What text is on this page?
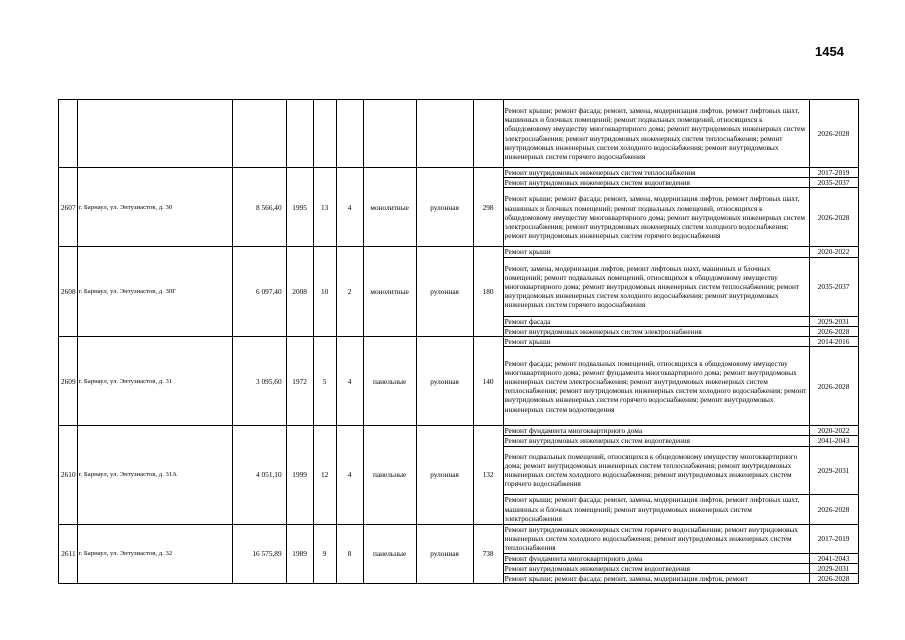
1454
									Ремонт крыши; ремонт фасада; ремонт, замена, модернизация лифтов, ремонт лифтовых шахт, машинных и блочных помещений; ремонт подвальных помещений, относящихся к общедомовому имуществу многоквартирного дома; ремонт внутридомовых инженерных систем электроснабжения; ремонт внутридомовых инженерных систем теплоснабжения; ремонт внутридомовых инженерных систем холодного водоснабжения; ремонт внутридомовых инженерных систем горячего водоснабжения	2026-2028
2607	г. Барнаул, ул. Энтузиастов, д. 30	8 566,40	1995	13	4	монолитные	рулонная	298	Ремонт внутридомовых инженерных систем теплоснабжения	2017-2019
									Ремонт внутридомовых инженерных систем водоотведения	2035-2037
									Ремонт крыши; ремонт фасада; ремонт, замена, модернизация лифтов, ремонт лифтовых шахт, машинных и блочных помещений; ремонт подвальных помещений, относящихся к общедомовому имуществу многоквартирного дома; ремонт внутридомовых инженерных систем электроснабжения; ремонт внутридомовых инженерных систем холодного водоснабжения; ремонт внутридомовых инженерных систем горячего водоснабжения	2026-2028
2608	г. Барнаул, ул. Энтузиастов, д. 30Г	6 097,40	2008	10	2	монолитные	рулонная	180	Ремонт крыши	2020-2022
									Ремонт, замена, модернизация лифтов, ремонт лифтовых шахт, машинных и блочных помещений; ремонт подвальных помещений, относящихся к общедомовому имуществу многоквартирного дома; ремонт внутридомовых инженерных систем теплоснабжения; ремонт внутридомовых инженерных систем холодного водоснабжения; ремонт внутридомовых инженерных систем горячего водоснабжения	2035-2037
									Ремонт фасада	2029-2031
									Ремонт внутридомовых инженерных систем электроснабжения	2026-2028
2609	г. Барнаул, ул. Энтузиастов, д. 31	3 095,60	1972	5	4	панельные	рулонная	140	Ремонт крыши	2014-2016
									Ремонт фасада; ремонт подвальных помещений, относящихся к общедомовому имуществу многоквартирного дома; ремонт фундамента многоквартирного дома; ремонт внутридомовых инженерных систем электроснабжения; ремонт внутридомовых инженерных систем теплоснабжения; ремонт внутридомовых инженерных систем холодного водоснабжения; ремонт внутридомовых инженерных систем горячего водоснабжения; ремонт внутридомовых инженерных систем водоотведения	2026-2028
2610	г. Барнаул, ул. Энтузиастов, д. 31А	4 051,10	1999	12	4	панельные	рулонная	132	Ремонт фундамента многоквартирного дома	2020-2022
									Ремонт внутридомовых инженерных систем водоотведения	2041-2043
									Ремонт подвальных помещений, относящихся к общедомовому имуществу многоквартирного дома; ремонт внутридомовых инженерных систем теплоснабжения; ремонт внутридомовых инженерных систем холодного водоснабжения; ремонт внутридомовых инженерных систем горячего водоснабжения	2029-2031
									Ремонт крыши; ремонт фасада; ремонт, замена, модернизация лифтов, ремонт лифтовых шахт, машинных и блочных помещений; ремонт внутридомовых инженерных систем электроснабжения	2026-2028
2611	г. Барнаул, ул. Энтузиастов, д. 32	16 575,89	1989	9	8	панельные	рулонная	738	Ремонт внутридомовых инженерных систем горячего водоснабжения; ремонт внутридомовых инженерных систем холодного водоснабжения; ремонт внутридомовых инженерных систем теплоснабжения	2017-2019
									Ремонт фундамента многоквартирного дома	2041-2043
									Ремонт внутридомовых инженерных систем водоотведения	2029-2031
									Ремонт крыши; ремонт фасада; ремонт, замена, модернизация лифтов, ремонт	2026-2028
